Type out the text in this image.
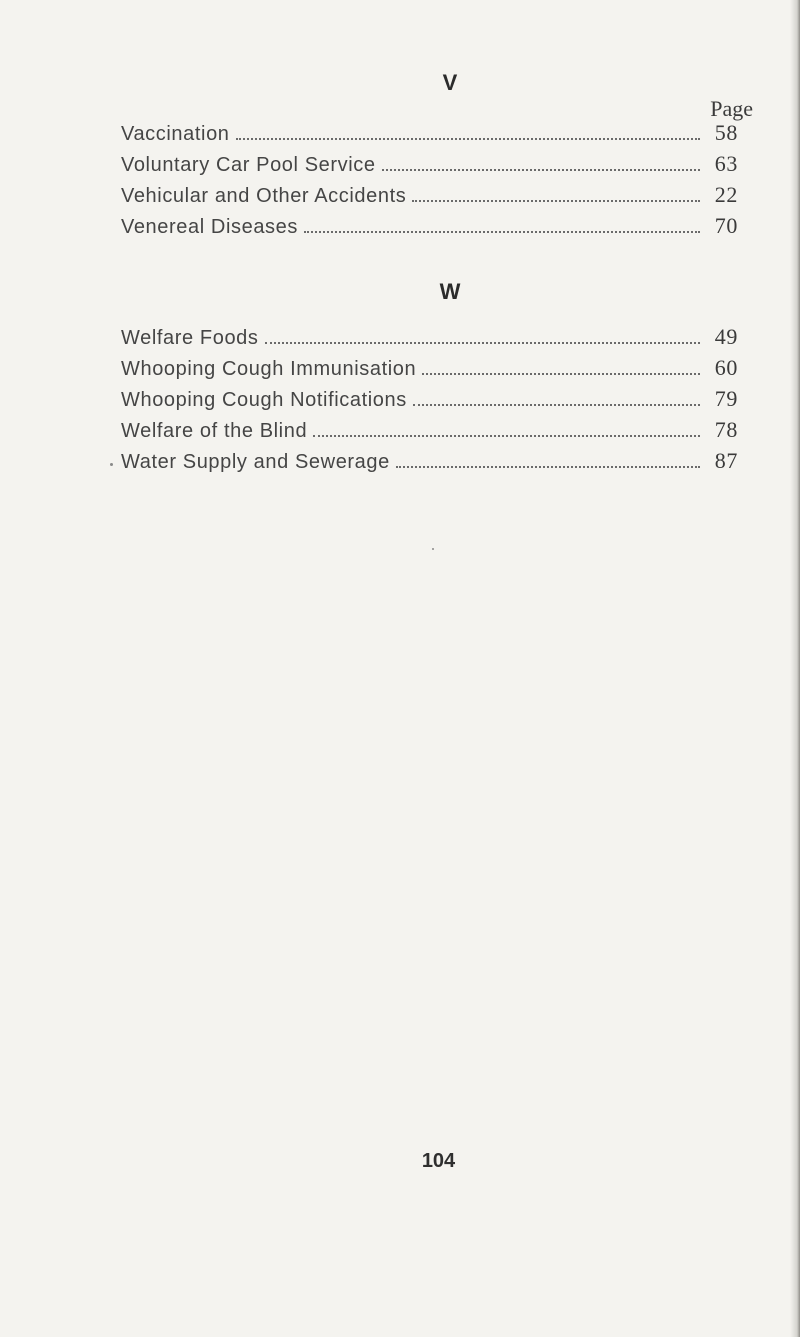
V
Page
Vaccination	58
Voluntary Car Pool Service	63
Vehicular and Other Accidents	22
Venereal Diseases	70
W
Welfare Foods	49
Whooping Cough Immunisation	60
Whooping Cough Notifications	79
Welfare of the Blind	78
Water Supply and Sewerage	87
104
